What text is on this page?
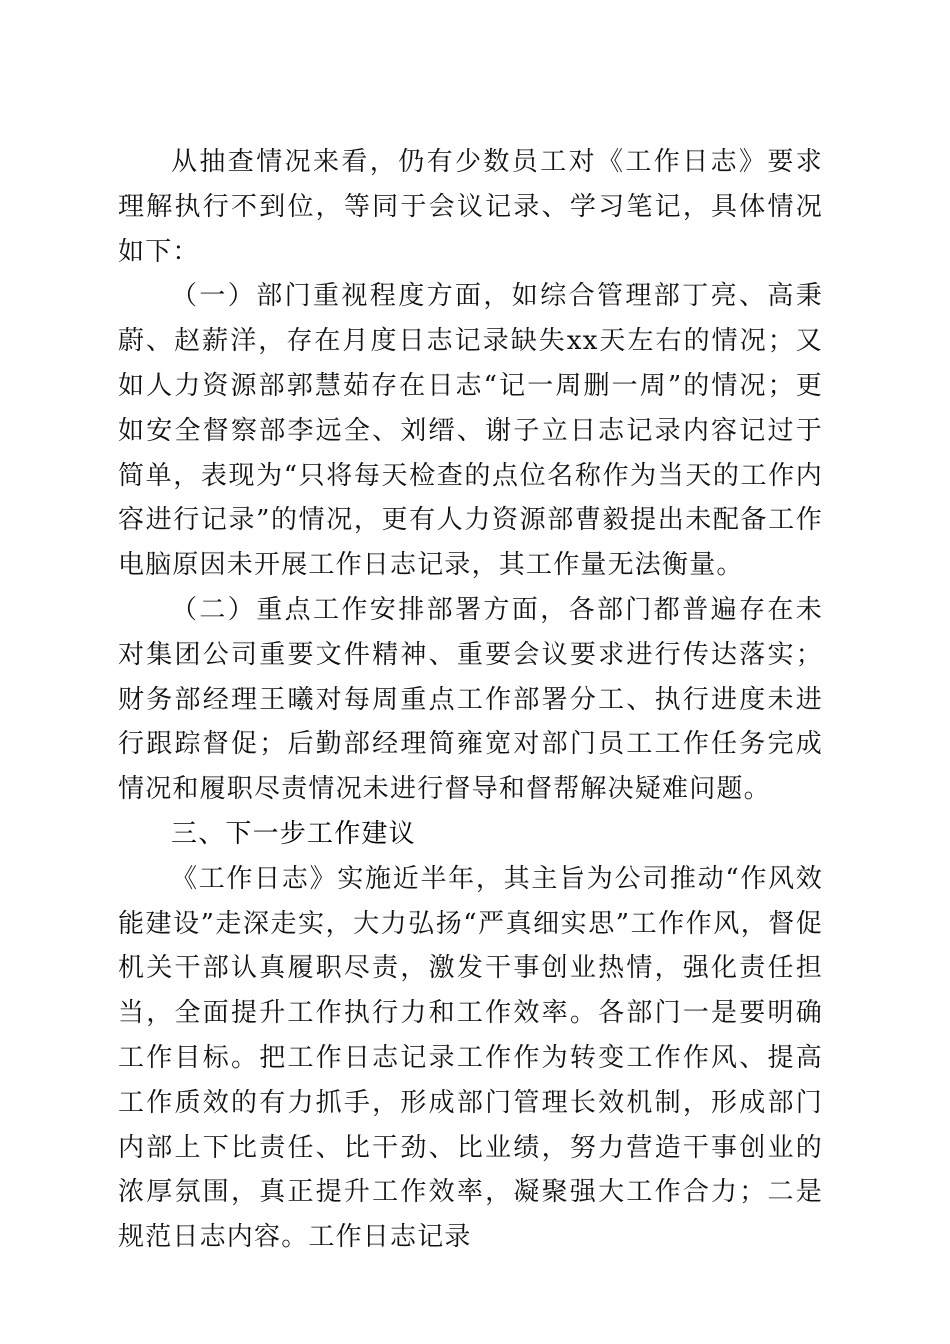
从抽查情况来看，仍有少数员工对《工作日志》要求理解执行不到位，等同于会议记录、学习笔记，具体情况如下：

（一）部门重视程度方面，如综合管理部丁亮、高秉蔚、赵薪洋，存在月度日志记录缺失xx天左右的情况；又如人力资源部郭慧茹存在日志“记一周删一周”的情况；更如安全督察部李远全、刘缙、谢子立日志记录内容记过于简单，表现为“只将每天检查的点位名称作为当天的工作内容进行记录”的情况，更有人力资源部曹毅提出未配备工作电脑原因未开展工作日志记录，其工作量无法衡量。

（二）重点工作安排部署方面，各部门都普遍存在未对集团公司重要文件精神、重要会议要求进行传达落实；财务部经理王曦对每周重点工作部署分工、执行进度未进行跟踪督促；后勤部经理简雍宽对部门员工工作任务完成情况和履职尽责情况未进行督导和督帮解决疑难问题。

三、下一步工作建议

《工作日志》实施近半年，其主旨为公司推动“作风效能建设”走深走实，大力弘扬“严真细实思”工作作风，督促机关干部认真履职尽责，激发干事创业热情，强化责任担当，全面提升工作执行力和工作效率。各部门一是要明确工作目标。把工作日志记录工作作为转变工作作风、提高工作质效的有力抓手，形成部门管理长效机制，形成部门内部上下比责任、比干劲、比业绩，努力营造干事创业的浓厚氛围，真正提升工作效率，凝聚强大工作合力；二是规范日志内容。工作日志记录
